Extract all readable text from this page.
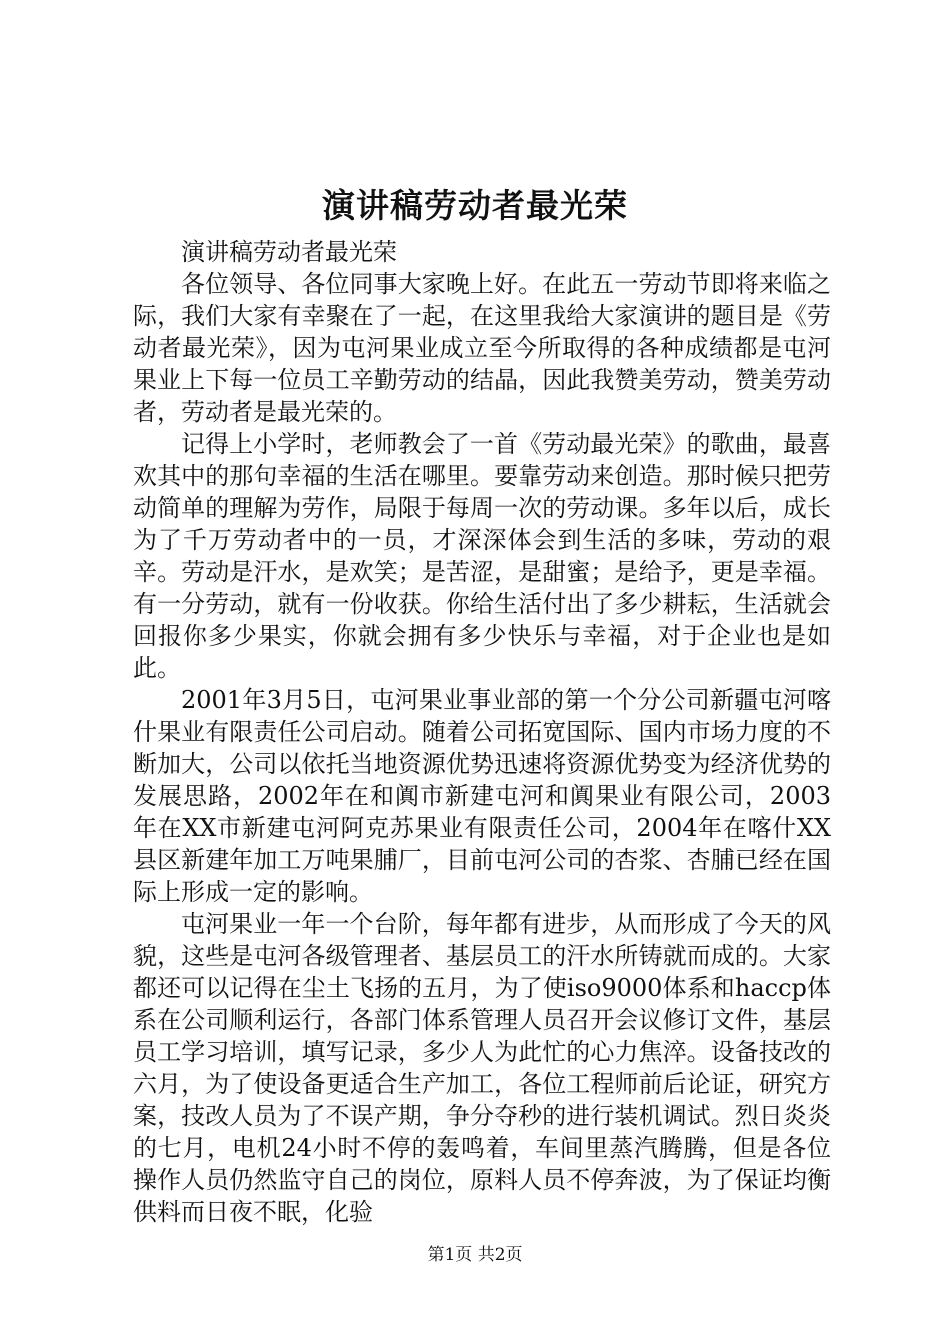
演讲稿劳动者最光荣

演讲稿劳动者最光荣

各位领导、各位同事大家晚上好。在此五一劳动节即将来临之际，我们大家有幸聚在了一起，在这里我给大家演讲的题目是《劳动者最光荣》，因为屯河果业成立至今所取得的各种成绩都是屯河果业上下每一位员工辛勤劳动的结晶，因此我赞美劳动，赞美劳动者，劳动者是最光荣的。

记得上小学时，老师教会了一首《劳动最光荣》的歌曲，最喜欢其中的那句幸福的生活在哪里。要靠劳动来创造。那时候只把劳动简单的理解为劳作，局限于每周一次的劳动课。多年以后，成长为了千万劳动者中的一员，才深深体会到生活的多味，劳动的艰辛。劳动是汗水，是欢笑；是苦涩，是甜蜜；是给予，更是幸福。有一分劳动，就有一份收获。你给生活付出了多少耕耘，生活就会回报你多少果实，你就会拥有多少快乐与幸福，对于企业也是如此。

2001年3月5日，屯河果业事业部的第一个分公司新疆屯河喀什果业有限责任公司启动。随着公司拓宽国际、国内市场力度的不断加大，公司以依托当地资源优势迅速将资源优势变为经济优势的发展思路，2002年在和阗市新建屯河和阗果业有限公司，2003年在XX市新建屯河阿克苏果业有限责任公司，2004年在喀什XX县区新建年加工万吨果脯厂，目前屯河公司的杏浆、杏脯已经在国际上形成一定的影响。

屯河果业一年一个台阶，每年都有进步，从而形成了今天的风貌，这些是屯河各级管理者、基层员工的汗水所铸就而成的。大家都还可以记得在尘土飞扬的五月，为了使iso9000体系和haccp体系在公司顺利运行，各部门体系管理人员召开会议修订文件，基层员工学习培训，填写记录，多少人为此忙的心力焦淬。设备技改的六月，为了使设备更适合生产加工，各位工程师前后论证，研究方案，技改人员为了不误产期，争分夺秒的进行装机调试。烈日炎炎的七月，电机24小时不停的轰鸣着，车间里蒸汽腾腾，但是各位操作人员仍然监守自己的岗位，原料人员不停奔波，为了保证均衡供料而日夜不眠，化验

第1页 共2页
